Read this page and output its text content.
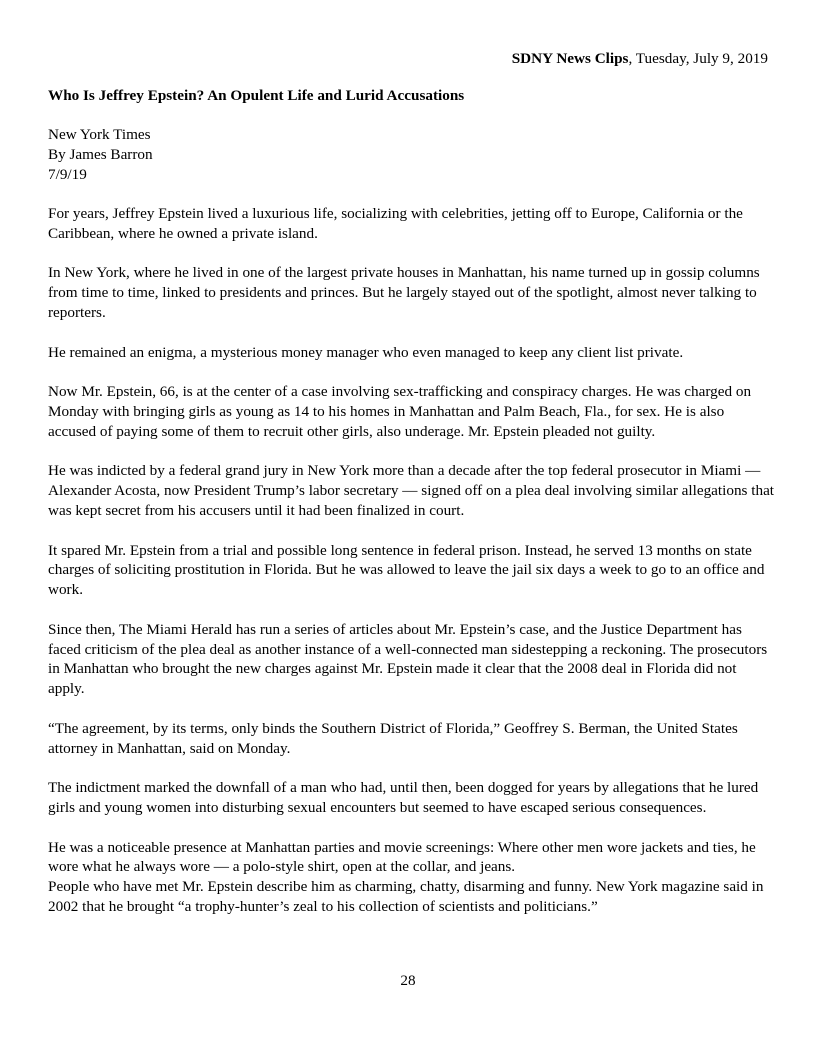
SDNY News Clips, Tuesday, July 9, 2019
Who Is Jeffrey Epstein? An Opulent Life and Lurid Accusations
New York Times
By James Barron
7/9/19

For years, Jeffrey Epstein lived a luxurious life, socializing with celebrities, jetting off to Europe, California or the Caribbean, where he owned a private island.

In New York, where he lived in one of the largest private houses in Manhattan, his name turned up in gossip columns from time to time, linked to presidents and princes. But he largely stayed out of the spotlight, almost never talking to reporters.

He remained an enigma, a mysterious money manager who even managed to keep any client list private.

Now Mr. Epstein, 66, is at the center of a case involving sex-trafficking and conspiracy charges. He was charged on Monday with bringing girls as young as 14 to his homes in Manhattan and Palm Beach, Fla., for sex. He is also accused of paying some of them to recruit other girls, also underage. Mr. Epstein pleaded not guilty.

He was indicted by a federal grand jury in New York more than a decade after the top federal prosecutor in Miami — Alexander Acosta, now President Trump’s labor secretary — signed off on a plea deal involving similar allegations that was kept secret from his accusers until it had been finalized in court.

It spared Mr. Epstein from a trial and possible long sentence in federal prison. Instead, he served 13 months on state charges of soliciting prostitution in Florida. But he was allowed to leave the jail six days a week to go to an office and work.

Since then, The Miami Herald has run a series of articles about Mr. Epstein’s case, and the Justice Department has faced criticism of the plea deal as another instance of a well-connected man sidestepping a reckoning. The prosecutors in Manhattan who brought the new charges against Mr. Epstein made it clear that the 2008 deal in Florida did not apply.

“The agreement, by its terms, only binds the Southern District of Florida,” Geoffrey S. Berman, the United States attorney in Manhattan, said on Monday.

The indictment marked the downfall of a man who had, until then, been dogged for years by allegations that he lured girls and young women into disturbing sexual encounters but seemed to have escaped serious consequences.

He was a noticeable presence at Manhattan parties and movie screenings: Where other men wore jackets and ties, he wore what he always wore — a polo-style shirt, open at the collar, and jeans.

People who have met Mr. Epstein describe him as charming, chatty, disarming and funny. New York magazine said in 2002 that he brought “a trophy-hunter’s zeal to his collection of scientists and politicians.”

28
